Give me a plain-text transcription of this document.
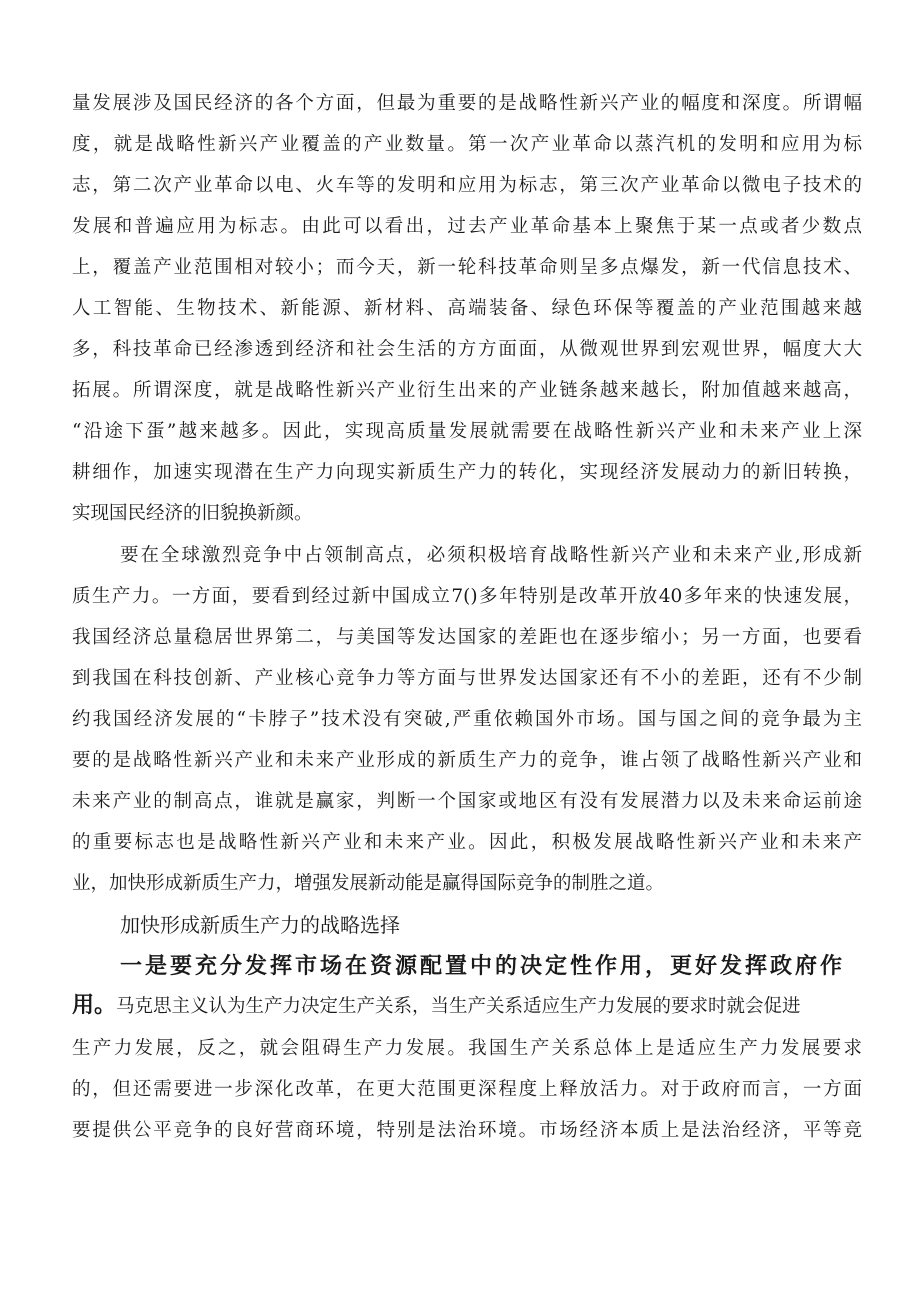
量发展涉及国民经济的各个方面，但最为重要的是战略性新兴产业的幅度和深度。所谓幅
度，就是战略性新兴产业覆盖的产业数量。第一次产业革命以蒸汽机的发明和应用为标
志，第二次产业革命以电、火车等的发明和应用为标志，第三次产业革命以微电子技术的
发展和普遍应用为标志。由此可以看出，过去产业革命基本上聚焦于某一点或者少数点
上，覆盖产业范围相对较小；而今天，新一轮科技革命则呈多点爆发，新一代信息技术、
人工智能、生物技术、新能源、新材料、高端装备、绿色环保等覆盖的产业范围越来越
多，科技革命已经渗透到经济和社会生活的方方面面，从微观世界到宏观世界，幅度大大
拓展。所谓深度，就是战略性新兴产业衍生出来的产业链条越来越长，附加值越来越高，
“沿途下蛋”越来越多。因此，实现高质量发展就需要在战略性新兴产业和未来产业上深
耕细作，加速实现潜在生产力向现实新质生产力的转化，实现经济发展动力的新旧转换，
实现国民经济的旧貌换新颜。
要在全球激烈竞争中占领制高点，必须积极培育战略性新兴产业和未来产业,形成新
质生产力。一方面，要看到经过新中国成立7()多年特别是改革开放40多年来的快速发展，
我国经济总量稳居世界第二，与美国等发达国家的差距也在逐步缩小；另一方面，也要看
到我国在科技创新、产业核心竞争力等方面与世界发达国家还有不小的差距，还有不少制
约我国经济发展的“卡脖子”技术没有突破,严重依赖国外市场。国与国之间的竞争最为主
要的是战略性新兴产业和未来产业形成的新质生产力的竞争，谁占领了战略性新兴产业和
未来产业的制高点，谁就是赢家，判断一个国家或地区有没有发展潜力以及未来命运前途
的重要标志也是战略性新兴产业和未来产业。因此，积极发展战略性新兴产业和未来产
业，加快形成新质生产力，增强发展新动能是赢得国际竞争的制胜之道。
加快形成新质生产力的战略选择
一是要充分发挥市场在资源配置中的决定性作用，更好发挥政府作
用。马克思主义认为生产力决定生产关系，当生产关系适应生产力发展的要求时就会促进
生产力发展，反之，就会阻碍生产力发展。我国生产关系总体上是适应生产力发展要求
的，但还需要进一步深化改革，在更大范围更深程度上释放活力。对于政府而言，一方面
要提供公平竞争的良好营商环境，特别是法治环境。市场经济本质上是法治经济，平等竞
